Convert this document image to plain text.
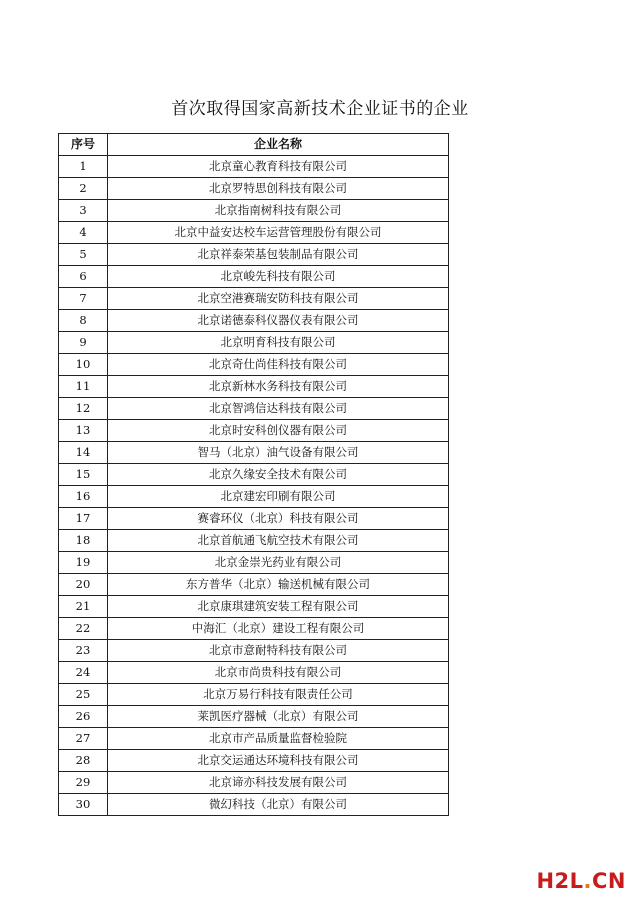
首次取得国家高新技术企业证书的企业
序号	企业名称
1	北京童心教育科技有限公司
2	北京罗特思创科技有限公司
3	北京指南树科技有限公司
4	北京中益安达校车运营管理股份有限公司
5	北京祥泰荣基包装制品有限公司
6	北京峻先科技有限公司
7	北京空港赛瑞安防科技有限公司
8	北京诺德泰科仪器仪表有限公司
9	北京明育科技有限公司
10	北京奇仕尚佳科技有限公司
11	北京新林水务科技有限公司
12	北京智鸿信达科技有限公司
13	北京时安科创仪器有限公司
14	智马（北京）油气设备有限公司
15	北京久缘安全技术有限公司
16	北京建宏印刷有限公司
17	赛睿环仪（北京）科技有限公司
18	北京首航通飞航空技术有限公司
19	北京金崇光药业有限公司
20	东方普华（北京）输送机械有限公司
21	北京康琪建筑安装工程有限公司
22	中海汇（北京）建设工程有限公司
23	北京市意耐特科技有限公司
24	北京市尚贵科技有限公司
25	北京万易行科技有限责任公司
26	莱凯医疗器械（北京）有限公司
27	北京市产品质量监督检验院
28	北京交运通达环境科技有限公司
29	北京谛亦科技发展有限公司
30	微幻科技（北京）有限公司
H2L.CN
